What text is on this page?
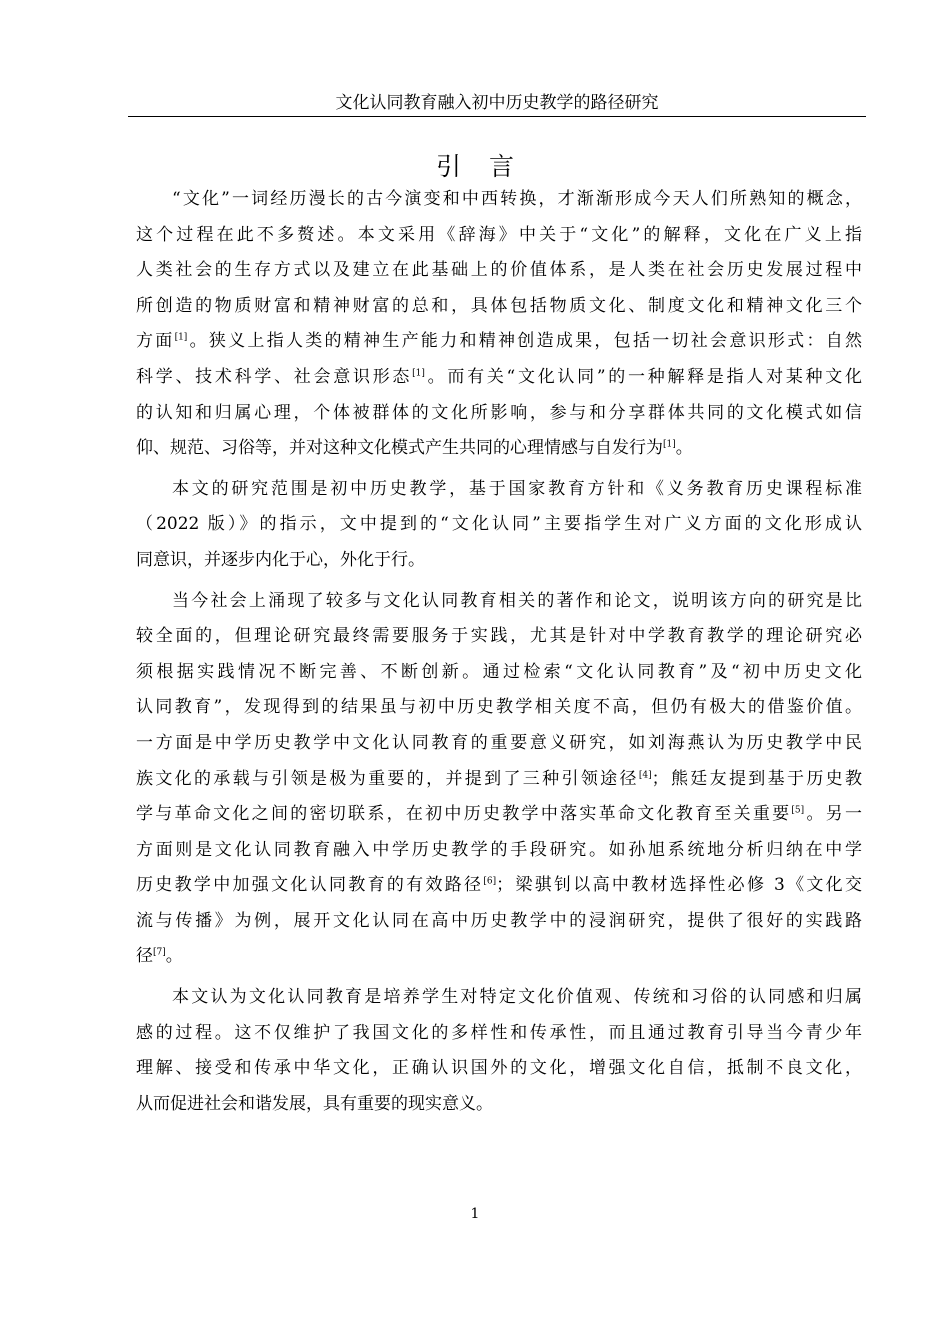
文化认同教育融入初中历史教学的路径研究
引言
“文化”一词经历漫长的古今演变和中西转换，才渐渐形成今天人们所熟知的概念，
这个过程在此不多赘述。本文采用《辞海》中关于“文化”的解释，文化在广义上指
人类社会的生存方式以及建立在此基础上的价值体系，是人类在社会历史发展过程中
所创造的物质财富和精神财富的总和，具体包括物质文化、制度文化和精神文化三个
方面[1]。狭义上指人类的精神生产能力和精神创造成果，包括一切社会意识形式：自然
科学、技术科学、社会意识形态[1]。而有关“文化认同”的一种解释是指人对某种文化
的认知和归属心理，个体被群体的文化所影响，参与和分享群体共同的文化模式如信
仰、规范、习俗等，并对这种文化模式产生共同的心理情感与自发行为[1]。
本文的研究范围是初中历史教学，基于国家教育方针和《义务教育历史课程标准
（2022 版）》的指示，文中提到的“文化认同”主要指学生对广义方面的文化形成认
同意识，并逐步内化于心，外化于行。
当今社会上涌现了较多与文化认同教育相关的著作和论文，说明该方向的研究是比
较全面的，但理论研究最终需要服务于实践，尤其是针对中学教育教学的理论研究必
须根据实践情况不断完善、不断创新。通过检索“文化认同教育”及“初中历史文化
认同教育”，发现得到的结果虽与初中历史教学相关度不高，但仍有极大的借鉴价值。
一方面是中学历史教学中文化认同教育的重要意义研究，如刘海燕认为历史教学中民
族文化的承载与引领是极为重要的，并提到了三种引领途径[4]；熊廷友提到基于历史教
学与革命文化之间的密切联系，在初中历史教学中落实革命文化教育至关重要[5]。另一
方面则是文化认同教育融入中学历史教学的手段研究。如孙旭系统地分析归纳在中学
历史教学中加强文化认同教育的有效路径[6]；梁骐钊以高中教材选择性必修 3《文化交
流与传播》为例，展开文化认同在高中历史教学中的浸润研究，提供了很好的实践路
径[7]。
本文认为文化认同教育是培养学生对特定文化价值观、传统和习俗的认同感和归属
感的过程。这不仅维护了我国文化的多样性和传承性，而且通过教育引导当今青少年
理解、接受和传承中华文化，正确认识国外的文化，增强文化自信，抵制不良文化，
从而促进社会和谐发展，具有重要的现实意义。
1
